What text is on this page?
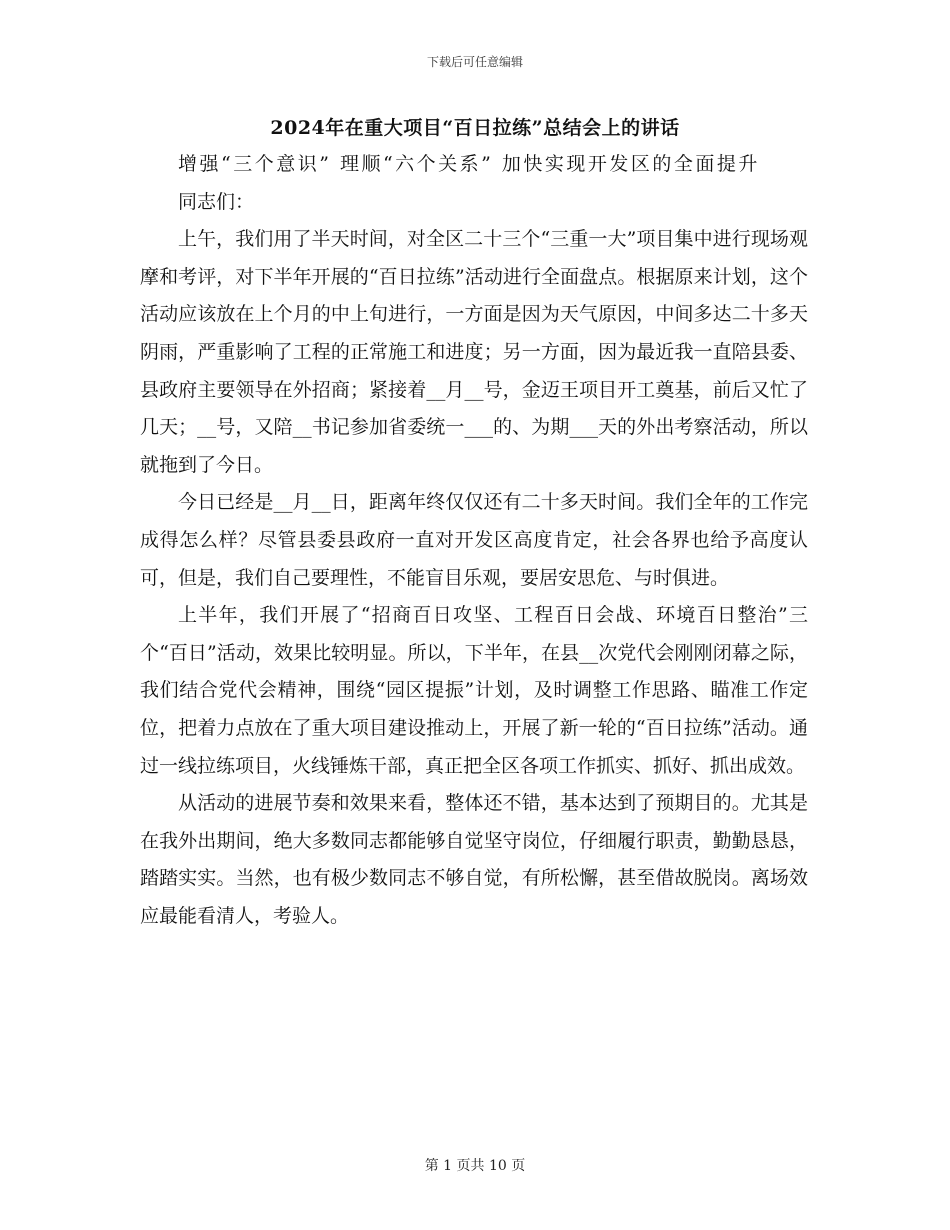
下载后可任意编辑
2024年在重大项目“百日拉练”总结会上的讲话

增强“三个意识” 理顺“六个关系” 加快实现开发区的全面提升

同志们：

上午，我们用了半天时间，对全区二十三个“三重一大”项目集中进行现场观摩和考评，对下半年开展的“百日拉练”活动进行全面盘点。根据原来计划，这个活动应该放在上个月的中上旬进行，一方面是因为天气原因，中间多达二十多天阴雨，严重影响了工程的正常施工和进度；另一方面，因为最近我一直陪县委、县政府主要领导在外招商；紧接着__月__号，金迈王项目开工奠基，前后又忙了几天；__号，又陪__书记参加省委统一___的、为期___天的外出考察活动，所以就拖到了今日。

今日已经是__月__日，距离年终仅仅还有二十多天时间。我们全年的工作完成得怎么样？尽管县委县政府一直对开发区高度肯定，社会各界也给予高度认可，但是，我们自己要理性，不能盲目乐观，要居安思危、与时俱进。

上半年，我们开展了“招商百日攻坚、工程百日会战、环境百日整治”三个“百日”活动，效果比较明显。所以，下半年，在县__次党代会刚刚闭幕之际，我们结合党代会精神，围绕“园区提振”计划，及时调整工作思路、瞄准工作定位，把着力点放在了重大项目建设推动上，开展了新一轮的“百日拉练”活动。通过一线拉练项目，火线锤炼干部，真正把全区各项工作抓实、抓好、抓出成效。

从活动的进展节奏和效果来看，整体还不错，基本达到了预期目的。尤其是在我外出期间，绝大多数同志都能够自觉坚守岗位，仔细履行职责，勤勤恳恳，踏踏实实。当然，也有极少数同志不够自觉，有所松懈，甚至借故脱岗。离场效应最能看清人，考验人。

第 1 页共 10 页
